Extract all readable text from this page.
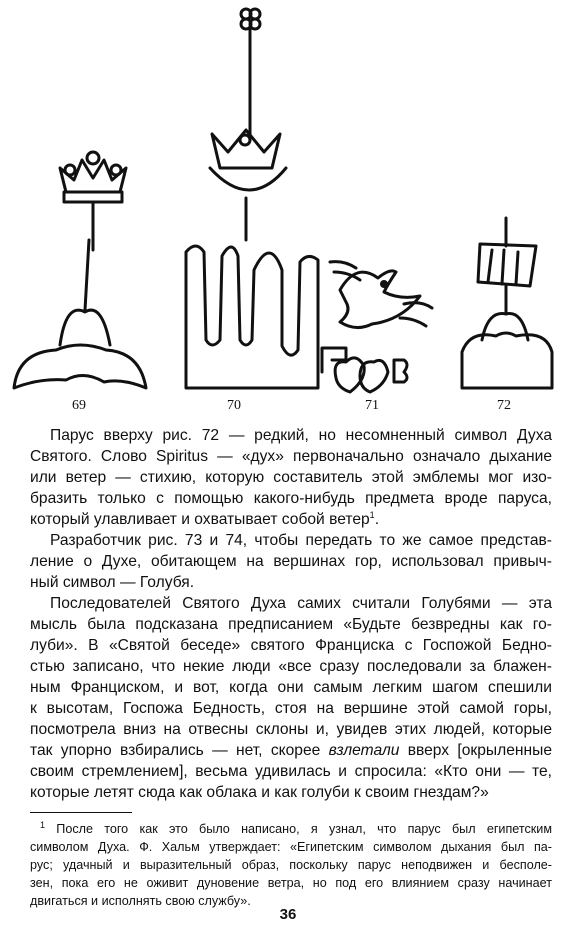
69	70	71	72

Парус вверху рис. 72 — редкий, но несомненный символ Духа
Святого. Слово Spiritus — «дух» первоначально означало дыхание
или ветер — стихию, которую составитель этой эмблемы мог изо-
бразить только с помощью какого-нибудь предмета вроде паруса,
который улавливает и охватывает собой ветер$^1$.

Разработчик рис. 73 и 74, чтобы передать то же самое представ-
ление о Духе, обитающем на вершинах гор, использовал привыч-
ный символ — Голубя.

Последователей Святого Духа самих считали Голубями — эта
мысль была подсказана предписанием «Будьте безвредны как го-
луби». В «Святой беседе» святого Франциска с Госпожой Бедно-
стью записано, что некие люди «все сразу последовали за блажен-
ным Франциском, и вот, когда они самым легким шагом спешили
к высотам, Госпожа Бедность, стоя на вершине этой самой горы,
посмотрела вниз на отвесны склоны и, увидев этих людей, которые
так упорно взбирались — нет, скорее взлетали вверх [окрыленные
своим стремлением], весьма удивилась и спросила: «Кто они — те,
которые летят сюда как облака и как голуби к своим гнездам?»

$^1$ После того как это было написано, я узнал, что парус был египетским
символом Духа. Ф. Хальм утверждает: «Египетским символом дыхания был па-
рус; удачный и выразительный образ, поскольку парус неподвижен и бесполе-
зен, пока его не оживит дуновение ветра, но под его влиянием сразу начинает
двигаться и исполнять свою службу».
36
